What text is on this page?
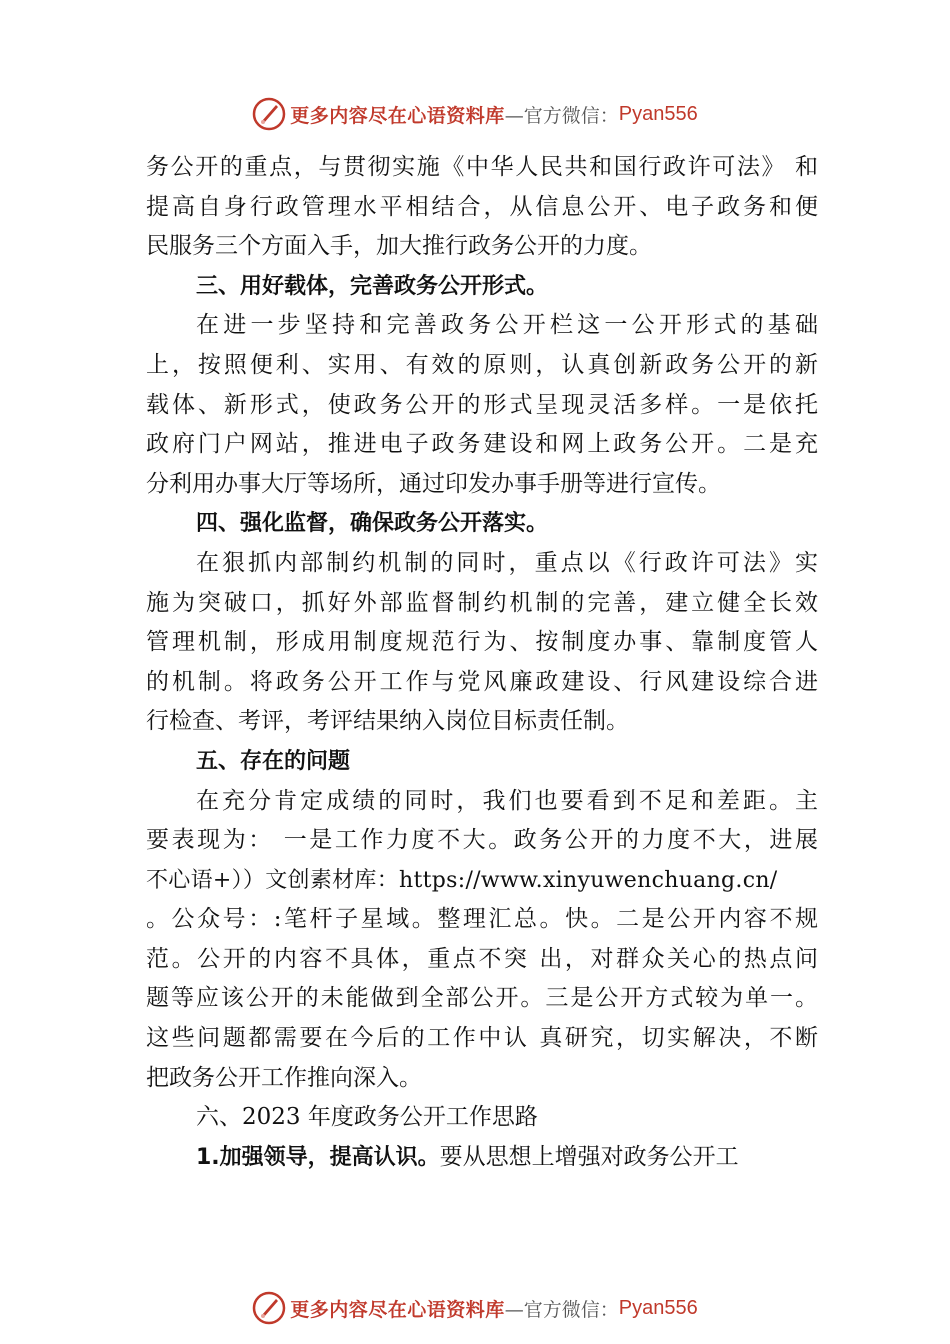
更多内容尽在心语资料库 —官方微信： Pyan556
务公开的重点，与贯彻实施《中华人民共和国行政许可法》 和
提高自身行政管理水平相结合，从信息公开、电子政务和便
民服务三个方面入手，加大推行政务公开的力度。
三、用好载体，完善政务公开形式。
在进一步坚持和完善政务公开栏这一公开形式的基础
上，按照便利、实用、有效的原则，认真创新政务公开的新
载体、新形式，使政务公开的形式呈现灵活多样。一是依托
政府门户网站，推进电子政务建设和网上政务公开。二是充
分利用办事大厅等场所，通过印发办事手册等进行宣传。
四、强化监督，确保政务公开落实。
在狠抓内部制约机制的同时，重点以《行政许可法》实
施为突破口，抓好外部监督制约机制的完善，建立健全长效
管理机制，形成用制度规范行为、按制度办事、靠制度管人
的机制。将政务公开工作与党风廉政建设、行风建设综合进
行检查、考评，考评结果纳入岗位目标责任制。
五、存在的问题
在充分肯定成绩的同时，我们也要看到不足和差距。主
要表现为： 一是工作力度不大。政务公开的力度不大，进展
不心语+））文创素材库：https://www.xinyuwenchuang.cn/
。公众号：:笔杆子星域。整理汇总。快。二是公开内容不规
范。公开的内容不具体，重点不突 出，对群众关心的热点问
题等应该公开的未能做到全部公开。三是公开方式较为单一。
这些问题都需要在今后的工作中认 真研究，切实解决，不断
把政务公开工作推向深入。
六、2023 年度政务公开工作思路
1.加强领导，提高认识。要从思想上增强对政务公开工
更多内容尽在心语资料库 —官方微信： Pyan556
